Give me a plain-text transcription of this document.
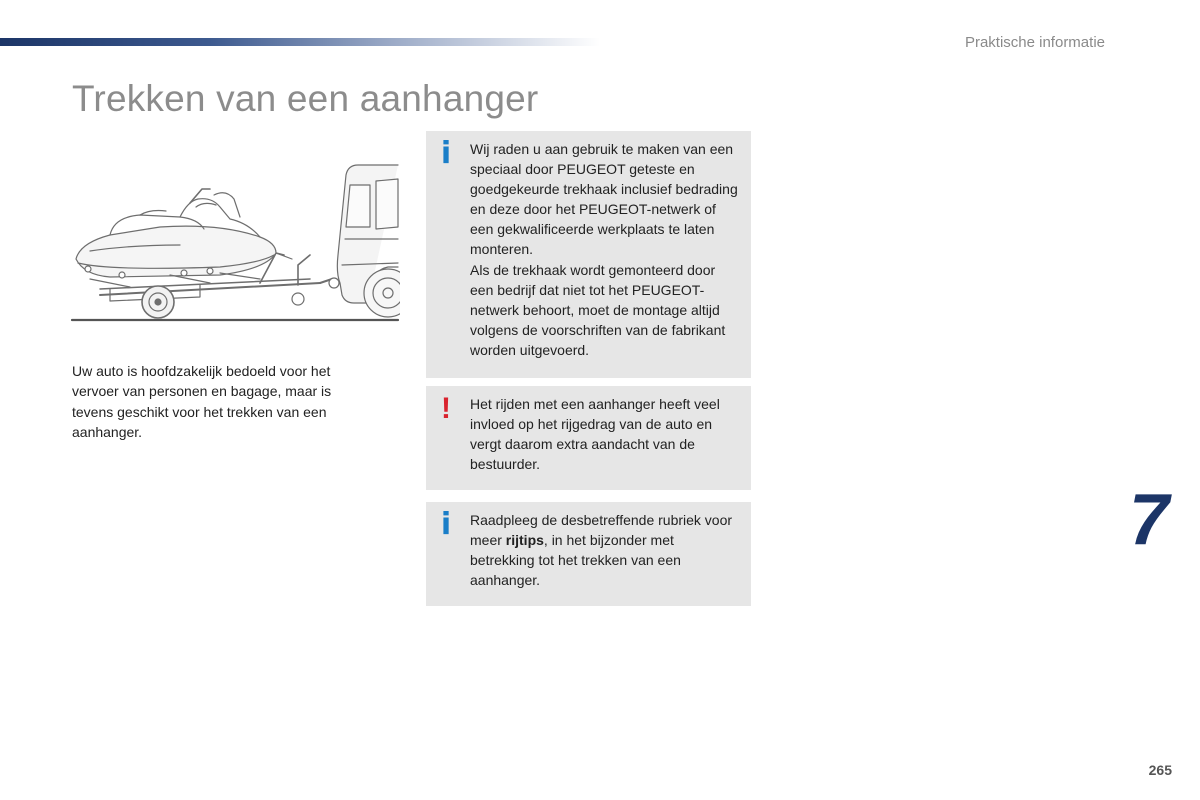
Praktische informatie
Trekken van een aanhanger

Uw auto is hoofdzakelijk bedoeld voor het vervoer van personen en bagage, maar is tevens geschikt voor het trekken van een aanhanger.

i	Wij raden u aan gebruik te maken van een speciaal door PEUGEOT geteste en goedgekeurde trekhaak inclusief bedrading en deze door het PEUGEOT-netwerk of een gekwalificeerde werkplaats te laten monteren.

Als de trekhaak wordt gemonteerd door een bedrijf dat niet tot het PEUGEOT-netwerk behoort, moet de montage altijd volgens de voorschriften van de fabrikant worden uitgevoerd.

!	Het rijden met een aanhanger heeft veel invloed op het rijgedrag van de auto en vergt daarom extra aandacht van de bestuurder.

i	Raadpleeg de desbetreffende rubriek voor meer rijtips, in het bijzonder met betrekking tot het trekken van een aanhanger.

7
265
